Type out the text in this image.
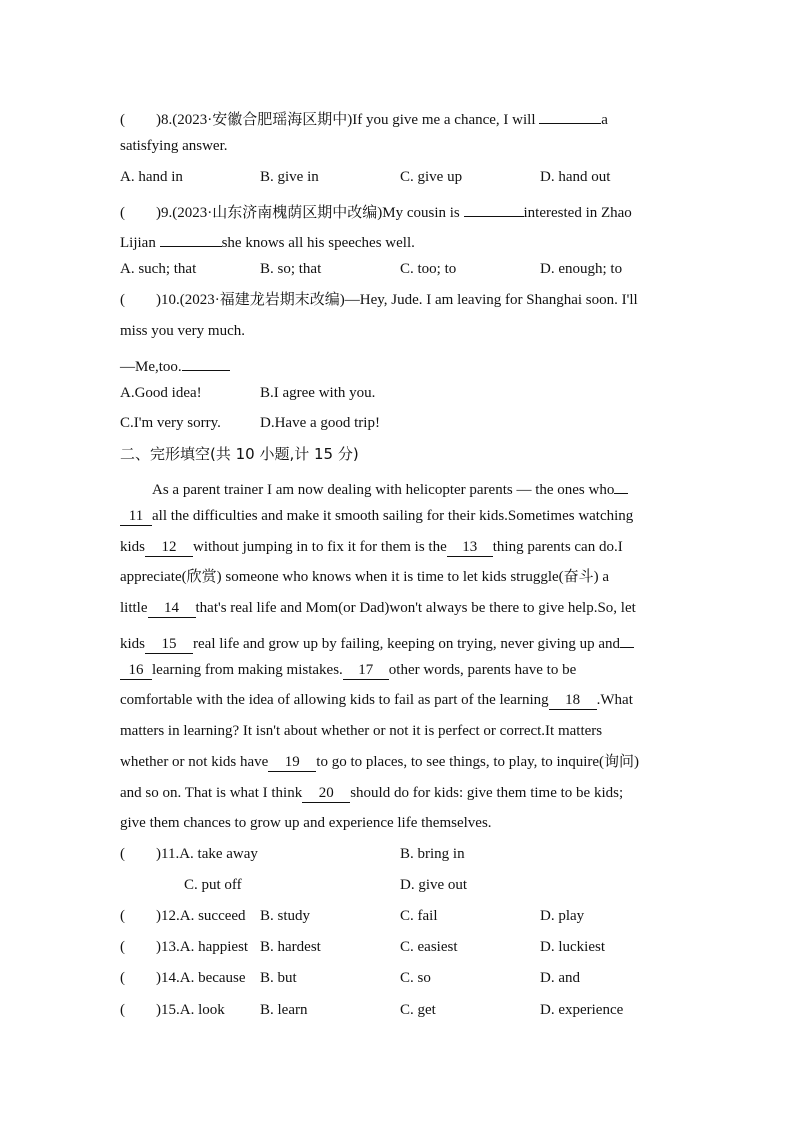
( )8.(2023·安徽合肥瑶海区期中)If you give me a chance, I will	a
satisfying answer.
A. hand in	B. give in	C. give up	D. hand out
( )9.(2023·山东济南槐荫区期中改编)My cousin is	interested in Zhao
Lijian	she knows all his speeches well.
A. such; that	B. so; that	C. too; to	D. enough; to
( )10.(2023·福建龙岩期末改编)—Hey, Jude. I am leaving for Shanghai soon. I'll
miss you very much.
—Me,too.
A.Good idea!	B.I agree with you.
C.I'm very sorry.	D.Have a good trip!
二、完形填空(共 10 小题,计 15 分)
As a parent trainer I am now dealing with helicopter parents — the ones who
11 all the difficulties and make it smooth sailing for their kids.Sometimes watching
kids 12 without jumping in to fix it for them is the 13 thing parents can do.I
appreciate(欣赏) someone who knows when it is time to let kids struggle(奋斗) a
little 14 that's real life and Mom(or Dad)won't always be there to give help.So, let
kids 15 real life and grow up by failing, keeping on trying, never giving up and
16 learning from making mistakes. 17 other words, parents have to be
comfortable with the idea of allowing kids to fail as part of the learning 18 .What
matters in learning? It isn't about whether or not it is perfect or correct.It matters
whether or not kids have 19 to go to places, to see things, to play, to inquire(询问)
and so on. That is what I think 20 should do for kids: give them time to be kids;
give them chances to grow up and experience life themselves.
( )11.A. take away	B. bring in
C. put off	D. give out
( )12.A. succeed B. study	C. fail	D. play
( )13.A. happiest B. hardest	C. easiest	D. luckiest
( )14.A. because B. but	C. so	D. and
( )15.A. look B. learn	C. get	D. experience
